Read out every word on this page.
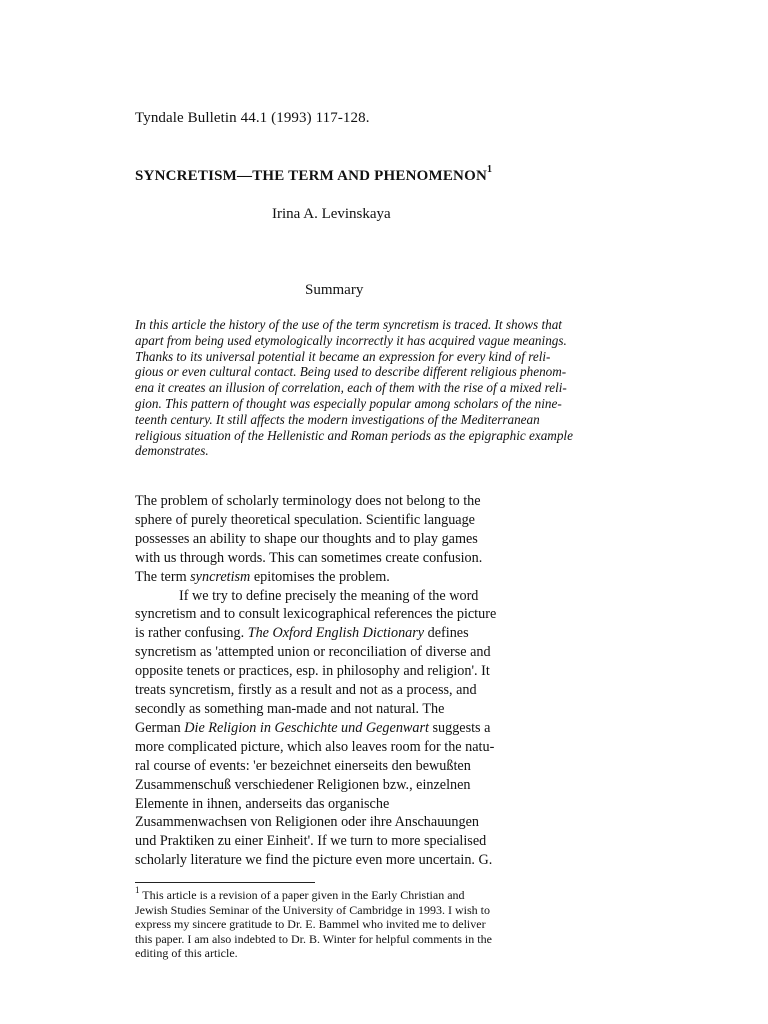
Tyndale Bulletin 44.1 (1993) 117-128.
SYNCRETISM—THE TERM AND PHENOMENON$^1$
Irina A. Levinskaya
Summary
In this article the history of the use of the term syncretism is traced. It shows that
apart from being used etymologically incorrectly it has acquired vague meanings.
Thanks to its universal potential it became an expression for every kind of reli-
gious or even cultural contact. Being used to describe different religious phenom-
ena it creates an illusion of correlation, each of them with the rise of a mixed reli-
gion. This pattern of thought was especially popular among scholars of the nine-
teenth century. It still affects the modern investigations of the Mediterranean
religious situation of the Hellenistic and Roman periods as the epigraphic example
demonstrates.
The problem of scholarly terminology does not belong to the
sphere of purely theoretical speculation. Scientific language
possesses an ability to shape our thoughts and to play games
with us through words. This can sometimes create confusion.
The term syncretism epitomises the problem.
If we try to define precisely the meaning of the word
syncretism and to consult lexicographical references the picture
is rather confusing. The Oxford English Dictionary defines
syncretism as 'attempted union or reconciliation of diverse and
opposite tenets or practices, esp. in philosophy and religion'. It
treats syncretism, firstly as a result and not as a process, and
secondly as something man-made and not natural. The
German Die Religion in Geschichte und Gegenwart suggests a
more complicated picture, which also leaves room for the natu-
ral course of events: 'er bezeichnet einerseits den bewußten
Zusammenschuß verschiedener Religionen bzw., einzelnen
Elemente in ihnen, anderseits das organische
Zusammenwachsen von Religionen oder ihre Anschauungen
und Praktiken zu einer Einheit'. If we turn to more specialised
scholarly literature we find the picture even more uncertain. G.
$^1$ This article is a revision of a paper given in the Early Christian and
Jewish Studies Seminar of the University of Cambridge in 1993. I wish to
express my sincere gratitude to Dr. E. Bammel who invited me to deliver
this paper. I am also indebted to Dr. B. Winter for helpful comments in the
editing of this article.
